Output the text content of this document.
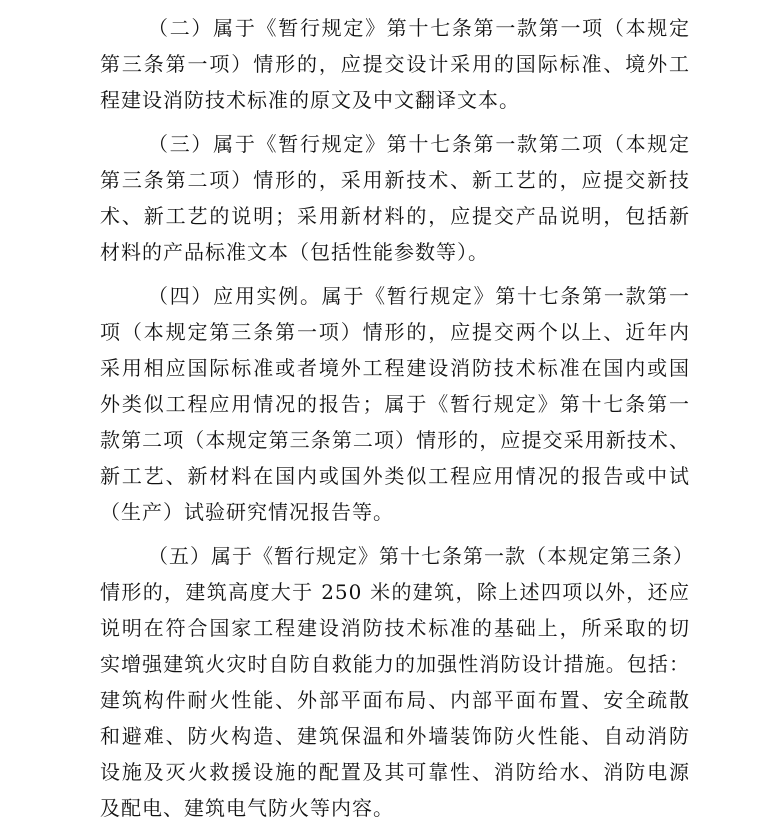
（二）属于《暂行规定》第十七条第一款第一项（本规定
第三条第一项）情形的，应提交设计采用的国际标准、境外工
程建设消防技术标准的原文及中文翻译文本。
（三）属于《暂行规定》第十七条第一款第二项（本规定
第三条第二项）情形的，采用新技术、新工艺的，应提交新技
术、新工艺的说明；采用新材料的，应提交产品说明，包括新
材料的产品标准文本（包括性能参数等）。
（四）应用实例。属于《暂行规定》第十七条第一款第一
项（本规定第三条第一项）情形的，应提交两个以上、近年内
采用相应国际标准或者境外工程建设消防技术标准在国内或国
外类似工程应用情况的报告；属于《暂行规定》第十七条第一
款第二项（本规定第三条第二项）情形的，应提交采用新技术、
新工艺、新材料在国内或国外类似工程应用情况的报告或中试
（生产）试验研究情况报告等。
（五）属于《暂行规定》第十七条第一款（本规定第三条）
情形的，建筑高度大于 250 米的建筑，除上述四项以外，还应
说明在符合国家工程建设消防技术标准的基础上，所采取的切
实增强建筑火灾时自防自救能力的加强性消防设计措施。包括：
建筑构件耐火性能、外部平面布局、内部平面布置、安全疏散
和避难、防火构造、建筑保温和外墙装饰防火性能、自动消防
设施及灭火救援设施的配置及其可靠性、消防给水、消防电源
及配电、建筑电气防火等内容。
